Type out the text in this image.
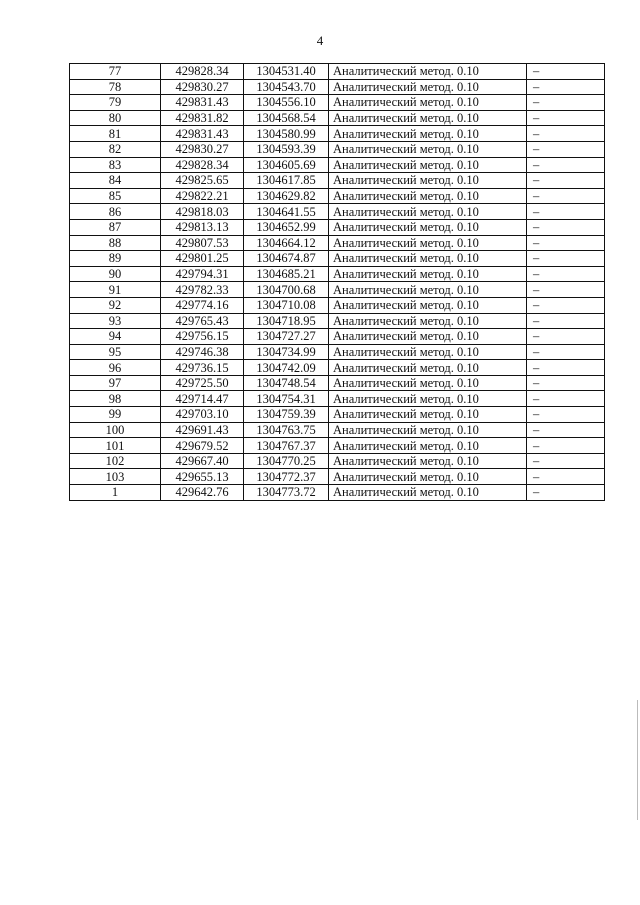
4
77	429828.34	1304531.40	Аналитический метод. 0.10	–
78	429830.27	1304543.70	Аналитический метод. 0.10	–
79	429831.43	1304556.10	Аналитический метод. 0.10	–
80	429831.82	1304568.54	Аналитический метод. 0.10	–
81	429831.43	1304580.99	Аналитический метод. 0.10	–
82	429830.27	1304593.39	Аналитический метод. 0.10	–
83	429828.34	1304605.69	Аналитический метод. 0.10	–
84	429825.65	1304617.85	Аналитический метод. 0.10	–
85	429822.21	1304629.82	Аналитический метод. 0.10	–
86	429818.03	1304641.55	Аналитический метод. 0.10	–
87	429813.13	1304652.99	Аналитический метод. 0.10	–
88	429807.53	1304664.12	Аналитический метод. 0.10	–
89	429801.25	1304674.87	Аналитический метод. 0.10	–
90	429794.31	1304685.21	Аналитический метод. 0.10	–
91	429782.33	1304700.68	Аналитический метод. 0.10	–
92	429774.16	1304710.08	Аналитический метод. 0.10	–
93	429765.43	1304718.95	Аналитический метод. 0.10	–
94	429756.15	1304727.27	Аналитический метод. 0.10	–
95	429746.38	1304734.99	Аналитический метод. 0.10	–
96	429736.15	1304742.09	Аналитический метод. 0.10	–
97	429725.50	1304748.54	Аналитический метод. 0.10	–
98	429714.47	1304754.31	Аналитический метод. 0.10	–
99	429703.10	1304759.39	Аналитический метод. 0.10	–
100	429691.43	1304763.75	Аналитический метод. 0.10	–
101	429679.52	1304767.37	Аналитический метод. 0.10	–
102	429667.40	1304770.25	Аналитический метод. 0.10	–
103	429655.13	1304772.37	Аналитический метод. 0.10	–
1	429642.76	1304773.72	Аналитический метод. 0.10	–
